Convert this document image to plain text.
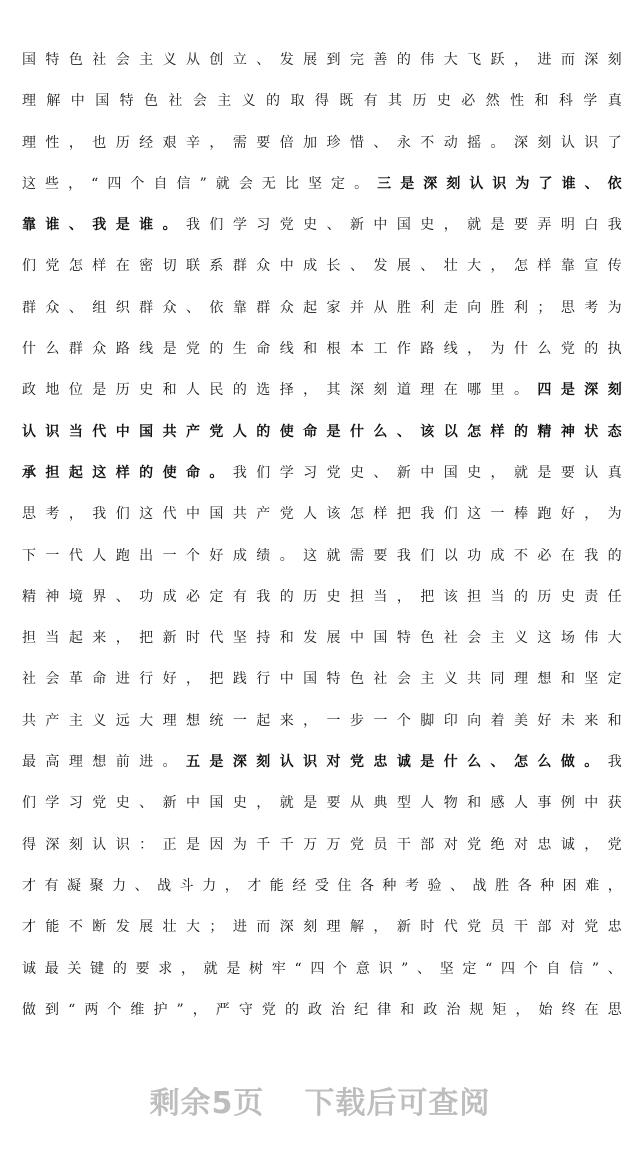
国特色社会主义从创立、发展到完善的伟大飞跃，进而深刻
理解中国特色社会主义的取得既有其历史必然性和科学真
理性，也历经艰辛，需要倍加珍惜、永不动摇。深刻认识了
这些，“四个自信”就会无比坚定。三是深刻认识为了谁、依
靠谁、我是谁。我们学习党史、新中国史，就是要弄明白我
们党怎样在密切联系群众中成长、发展、壮大，怎样靠宣传
群众、组织群众、依靠群众起家并从胜利走向胜利；思考为
什么群众路线是党的生命线和根本工作路线，为什么党的执
政地位是历史和人民的选择，其深刻道理在哪里。四是深刻
认识当代中国共产党人的使命是什么、该以怎样的精神状态
承担起这样的使命。我们学习党史、新中国史，就是要认真
思考，我们这代中国共产党人该怎样把我们这一棒跑好，为
下一代人跑出一个好成绩。这就需要我们以功成不必在我的
精神境界、功成必定有我的历史担当，把该担当的历史责任
担当起来，把新时代坚持和发展中国特色社会主义这场伟大
社会革命进行好，把践行中国特色社会主义共同理想和坚定
共产主义远大理想统一起来，一步一个脚印向着美好未来和
最高理想前进。五是深刻认识对党忠诚是什么、怎么做。我
们学习党史、新中国史，就是要从典型人物和感人事例中获
得深刻认识：正是因为千千万万党员干部对党绝对忠诚，党
才有凝聚力、战斗力，才能经受住各种考验、战胜各种困难，
才能不断发展壮大；进而深刻理解，新时代党员干部对党忠
诚最关键的要求，就是树牢“四个意识”、坚定“四个自信”、
做到“两个维护”，严守党的政治纪律和政治规矩，始终在思
剩余5页 下载后可查阅
